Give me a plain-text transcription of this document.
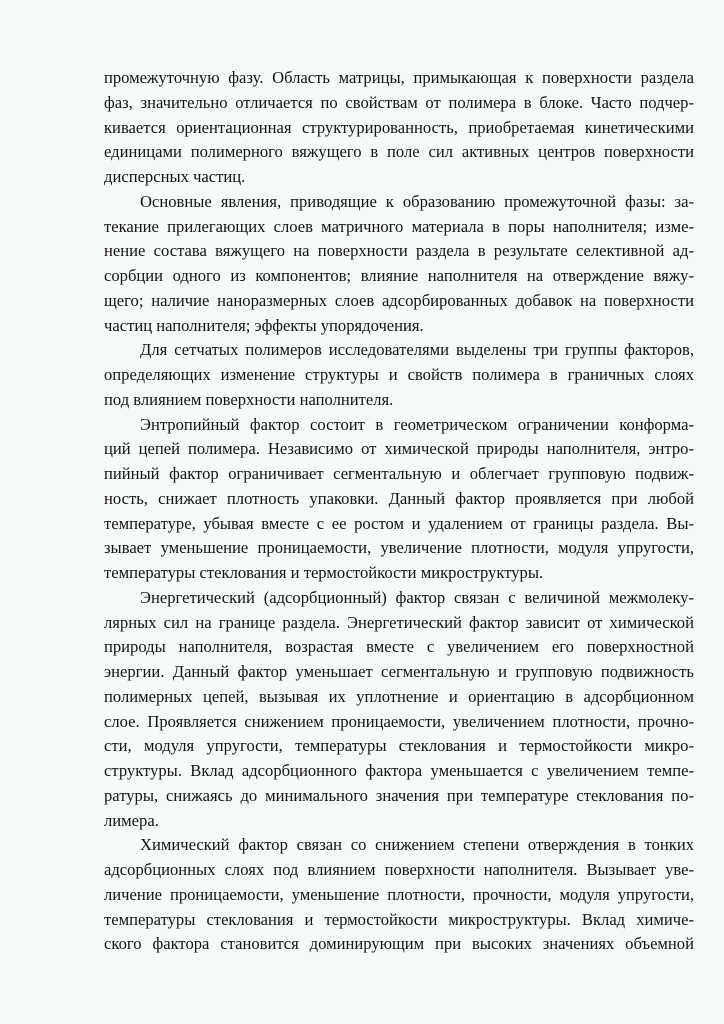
промежуточную фазу. Область матрицы, примыкающая к поверхности раздела
фаз, значительно отличается по свойствам от полимера в блоке. Часто подчер-
кивается ориентационная структурированность, приобретаемая кинетическими
единицами полимерного вяжущего в поле сил активных центров поверхности
дисперсных частиц.
Основные явления, приводящие к образованию промежуточной фазы: за-
текание прилегающих слоев матричного материала в поры наполнителя; изме-
нение состава вяжущего на поверхности раздела в результате селективной ад-
сорбции одного из компонентов; влияние наполнителя на отверждение вяжу-
щего; наличие наноразмерных слоев адсорбированных добавок на поверхности
частиц наполнителя; эффекты упорядочения.
Для сетчатых полимеров исследователями выделены три группы факторов,
определяющих изменение структуры и свойств полимера в граничных слоях
под влиянием поверхности наполнителя.
Энтропийный фактор состоит в геометрическом ограничении конформа-
ций цепей полимера. Независимо от химической природы наполнителя, энтро-
пийный фактор ограничивает сегментальную и облегчает групповую подвиж-
ность, снижает плотность упаковки. Данный фактор проявляется при любой
температуре, убывая вместе с ее ростом и удалением от границы раздела. Вы-
зывает уменьшение проницаемости, увеличение плотности, модуля упругости,
температуры стеклования и термостойкости микроструктуры.
Энергетический (адсорбционный) фактор связан с величиной межмолеку-
лярных сил на границе раздела. Энергетический фактор зависит от химической
природы наполнителя, возрастая вместе с увеличением его поверхностной
энергии. Данный фактор уменьшает сегментальную и групповую подвижность
полимерных цепей, вызывая их уплотнение и ориентацию в адсорбционном
слое. Проявляется снижением проницаемости, увеличением плотности, прочно-
сти, модуля упругости, температуры стеклования и термостойкости микро-
структуры. Вклад адсорбционного фактора уменьшается с увеличением темпе-
ратуры, снижаясь до минимального значения при температуре стеклования по-
лимера.
Химический фактор связан со снижением степени отверждения в тонких
адсорбционных слоях под влиянием поверхности наполнителя. Вызывает уве-
личение проницаемости, уменьшение плотности, прочности, модуля упругости,
температуры стеклования и термостойкости микроструктуры. Вклад химиче-
ского фактора становится доминирующим при высоких значениях объемной
